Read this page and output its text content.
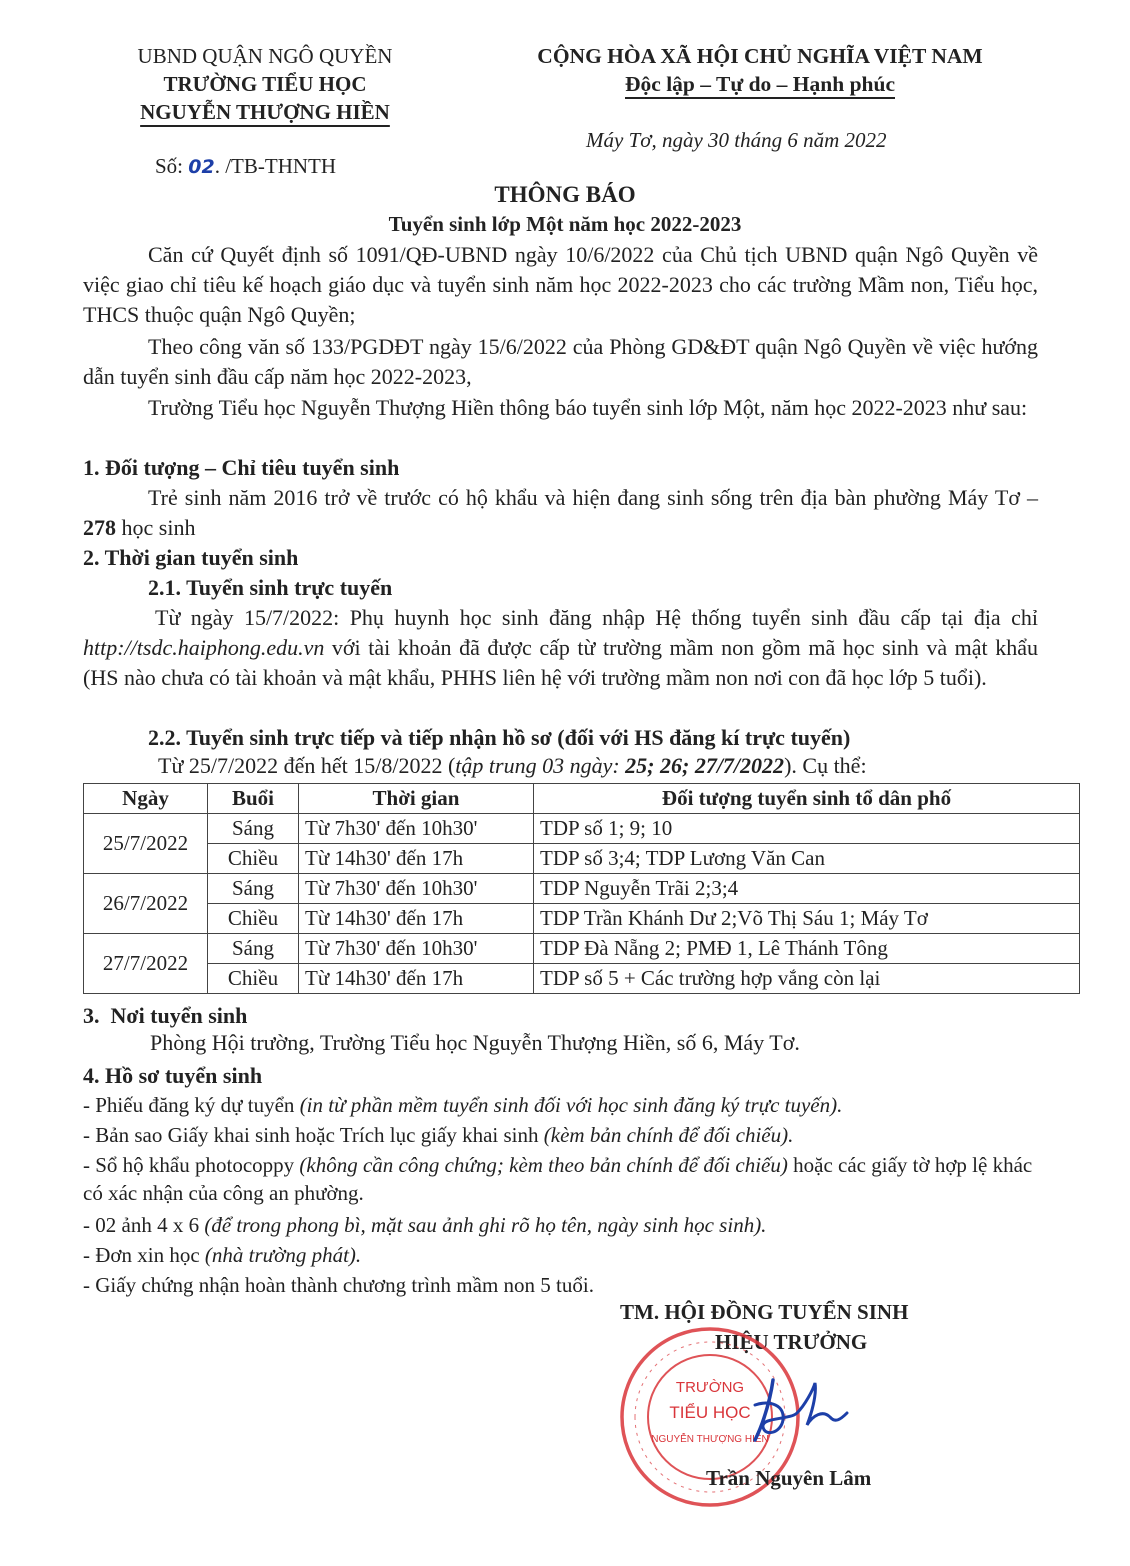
UBND QUẬN NGÔ QUYỀN
TRƯỜNG TIỂU HỌC
NGUYỄN THƯỢNG HIỀN
Số: 02. /TB-THNTH
CỘNG HÒA XÃ HỘI CHỦ NGHĨA VIỆT NAM
Độc lập – Tự do – Hạnh phúc
Máy Tơ, ngày 30 tháng 6 năm 2022
THÔNG BÁO
Tuyển sinh lớp Một năm học 2022-2023
Căn cứ Quyết định số 1091/QĐ-UBND ngày 10/6/2022 của Chủ tịch UBND quận Ngô Quyền về việc giao chỉ tiêu kế hoạch giáo dục và tuyển sinh năm học 2022-2023 cho các trường Mầm non, Tiểu học, THCS thuộc quận Ngô Quyền;
Theo công văn số 133/PGDĐT ngày 15/6/2022 của Phòng GD&ĐT quận Ngô Quyền về việc hướng dẫn tuyển sinh đầu cấp năm học 2022-2023,
Trường Tiểu học Nguyễn Thượng Hiền thông báo tuyển sinh lớp Một, năm học 2022-2023 như sau:
1. Đối tượng – Chỉ tiêu tuyển sinh
Trẻ sinh năm 2016 trở về trước có hộ khẩu và hiện đang sinh sống trên địa bàn phường Máy Tơ – 278 học sinh
2. Thời gian tuyển sinh
2.1. Tuyển sinh trực tuyến
Từ ngày 15/7/2022: Phụ huynh học sinh đăng nhập Hệ thống tuyển sinh đầu cấp tại địa chỉ http://tsdc.haiphong.edu.vn với tài khoản đã được cấp từ trường mầm non gồm mã học sinh và mật khẩu (HS nào chưa có tài khoản và mật khẩu, PHHS liên hệ với trường mầm non nơi con đã học lớp 5 tuổi).
2.2. Tuyển sinh trực tiếp và tiếp nhận hồ sơ (đối với HS đăng kí trực tuyến)
Từ 25/7/2022 đến hết 15/8/2022 (tập trung 03 ngày: 25; 26; 27/7/2022). Cụ thể:
Ngày	Buổi	Thời gian	Đối tượng tuyển sinh tổ dân phố
25/7/2022	Sáng	Từ 7h30' đến 10h30'	TDP số 1; 9; 10
	Chiều	Từ 14h30' đến 17h	TDP số 3;4; TDP Lương Văn Can
26/7/2022	Sáng	Từ 7h30' đến 10h30'	TDP Nguyễn Trãi 2;3;4
	Chiều	Từ 14h30' đến 17h	TDP Trần Khánh Dư 2;Võ Thị Sáu 1; Máy Tơ
27/7/2022	Sáng	Từ 7h30' đến 10h30'	TDP Đà Nẵng 2; PMĐ 1, Lê Thánh Tông
	Chiều	Từ 14h30' đến 17h	TDP số 5 + Các trường hợp vắng còn lại
3.  Nơi tuyển sinh
Phòng Hội trường, Trường Tiểu học Nguyễn Thượng Hiền, số 6, Máy Tơ.
4. Hồ sơ tuyển sinh
- Phiếu đăng ký dự tuyển (in từ phần mềm tuyển sinh đối với học sinh đăng ký trực tuyến).
- Bản sao Giấy khai sinh hoặc Trích lục giấy khai sinh (kèm bản chính để đối chiếu).
- Sổ hộ khẩu photocoppy (không cần công chứng; kèm theo bản chính để đối chiếu) hoặc các giấy tờ hợp lệ khác có xác nhận của công an phường.
- 02 ảnh 4 x 6 (để trong phong bì, mặt sau ảnh ghi rõ họ tên, ngày sinh học sinh).
- Đơn xin học (nhà trường phát).
- Giấy chứng nhận hoàn thành chương trình mầm non 5 tuổi.
TM. HỘI ĐỒNG TUYỂN SINH
HIỆU TRƯỞNG
TRƯỜNG
TIỂU HỌC
NGUYỄN THƯỢNG HIỀN
Trần Nguyên Lâm
